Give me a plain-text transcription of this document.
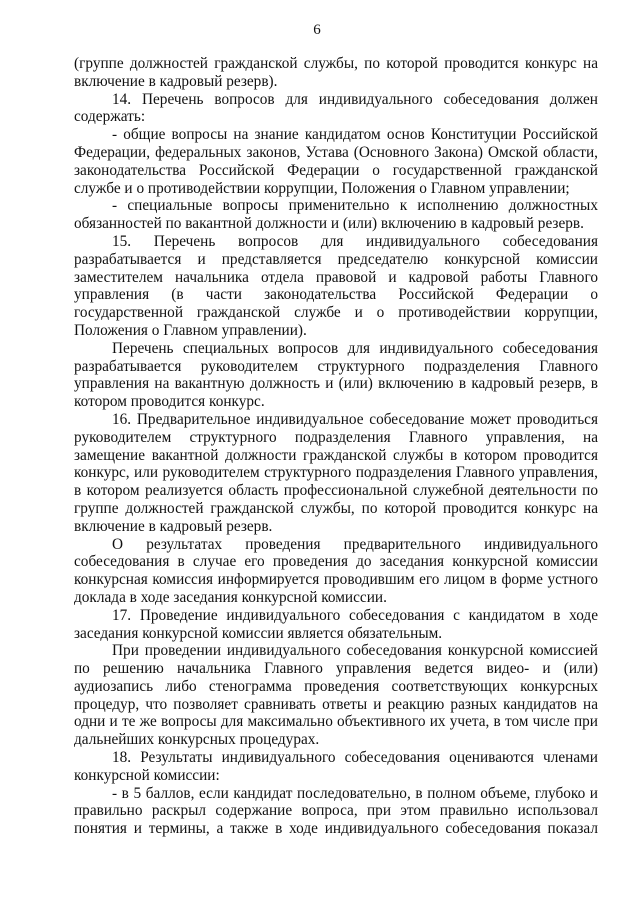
6

(группе должностей гражданской службы, по которой проводится конкурс на включение в кадровый резерв).

14. Перечень вопросов для индивидуального собеседования должен содержать:

- общие вопросы на знание кандидатом основ Конституции Российской Федерации, федеральных законов, Устава (Основного Закона) Омской области, законодательства Российской Федерации о государственной гражданской службе и о противодействии коррупции, Положения о Главном управлении;

- специальные вопросы применительно к исполнению должностных обязанностей по вакантной должности и (или) включению в кадровый резерв.

15. Перечень вопросов для индивидуального собеседования разрабатывается и представляется председателю конкурсной комиссии заместителем начальника отдела правовой и кадровой работы Главного управления (в части законодательства Российской Федерации о государственной гражданской службе и о противодействии коррупции, Положения о Главном управлении).

Перечень специальных вопросов для индивидуального собеседования разрабатывается руководителем структурного подразделения Главного управления на вакантную должность и (или) включению в кадровый резерв, в котором проводится конкурс.

16. Предварительное индивидуальное собеседование может проводиться руководителем структурного подразделения Главного управления, на замещение вакантной должности гражданской службы в котором проводится конкурс, или руководителем структурного подразделения Главного управления, в котором реализуется область профессиональной служебной деятельности по группе должностей гражданской службы, по которой проводится конкурс на включение в кадровый резерв.

О результатах проведения предварительного индивидуального собеседования в случае его проведения до заседания конкурсной комиссии конкурсная комиссия информируется проводившим его лицом в форме устного доклада в ходе заседания конкурсной комиссии.

17. Проведение индивидуального собеседования с кандидатом в ходе заседания конкурсной комиссии является обязательным.

При проведении индивидуального собеседования конкурсной комиссией по решению начальника Главного управления ведется видео- и (или) аудиозапись либо стенограмма проведения соответствующих конкурсных процедур, что позволяет сравнивать ответы и реакцию разных кандидатов на одни и те же вопросы для максимально объективного их учета, в том числе при дальнейших конкурсных процедурах.

18. Результаты индивидуального собеседования оцениваются членами конкурсной комиссии:

- в 5 баллов, если кандидат последовательно, в полном объеме, глубоко и правильно раскрыл содержание вопроса, при этом правильно использовал понятия и термины, а также в ходе индивидуального собеседования показал
